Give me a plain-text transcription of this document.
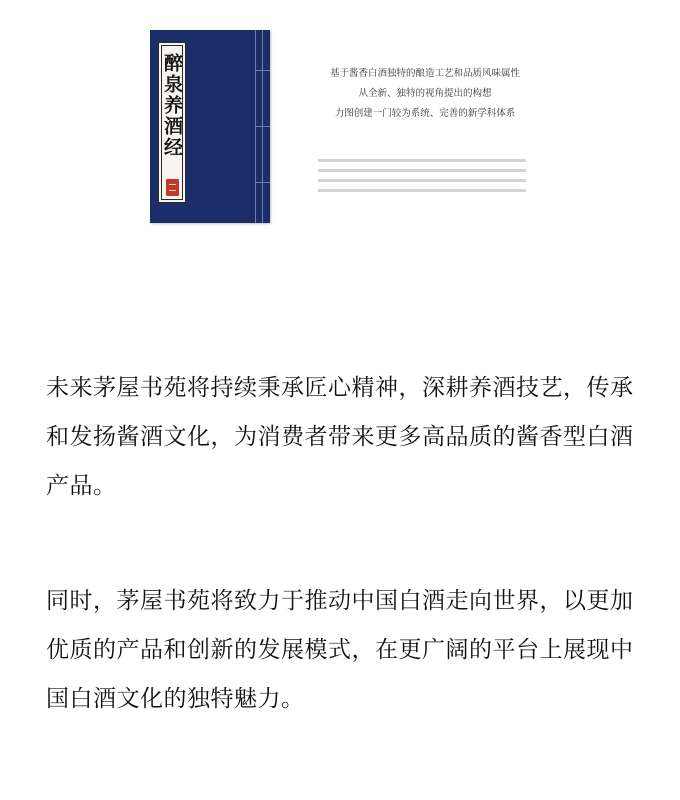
醉泉养酒经	基于酱香白酒独特的酿造工艺和品质风味属性
从全新、独特的视角提出的构想
力图创建一门较为系统、完善的新学科体系

未来茅屋书苑将持续秉承匠心精神，深耕养酒技艺，传承和发扬酱酒文化，为消费者带来更多高品质的酱香型白酒产品。

同时，茅屋书苑将致力于推动中国白酒走向世界，以更加优质的产品和创新的发展模式，在更广阔的平台上展现中国白酒文化的独特魅力。
